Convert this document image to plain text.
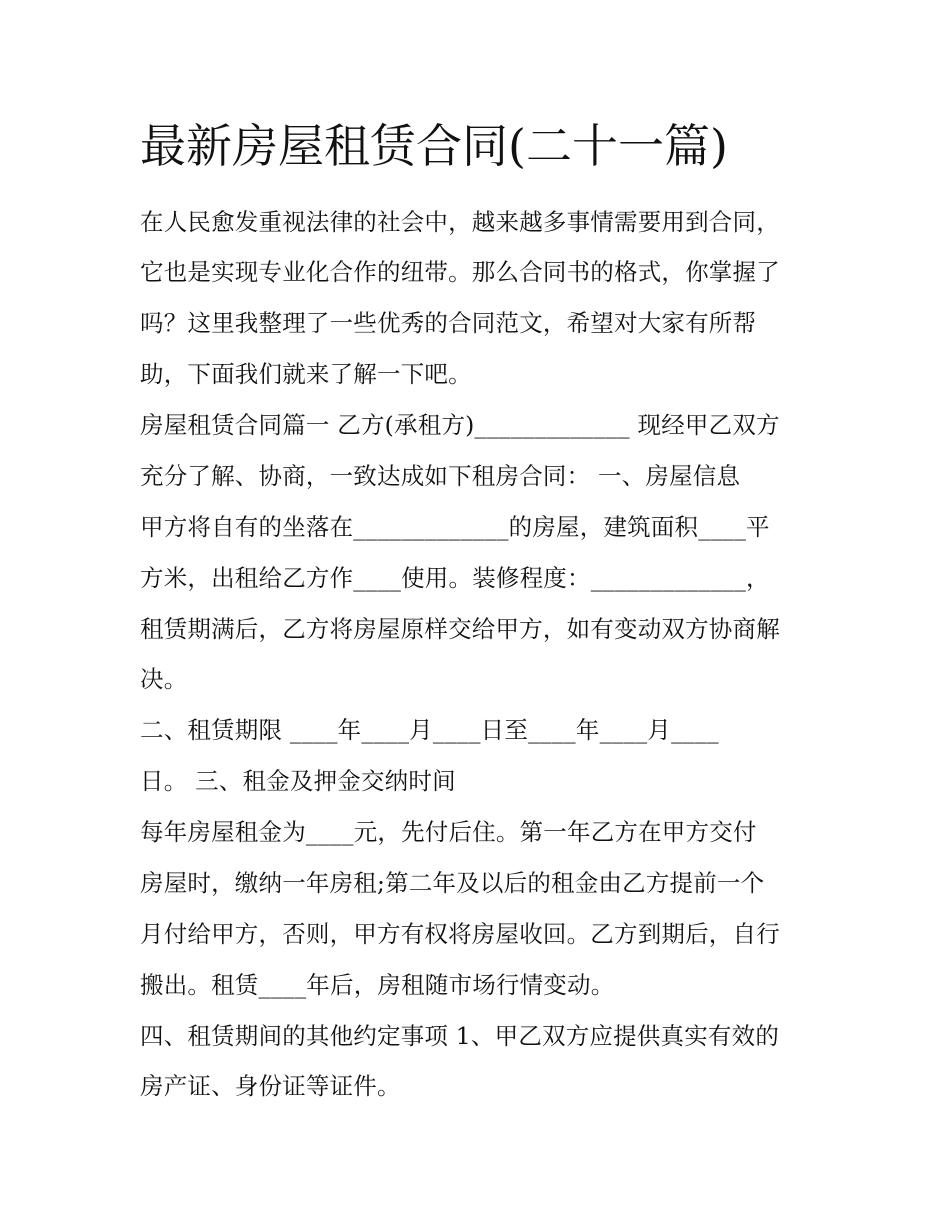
最新房屋租赁合同(二十一篇)

在人民愈发重视法律的社会中，越来越多事情需要用到合同，

它也是实现专业化合作的纽带。那么合同书的格式，你掌握了

吗？这里我整理了一些优秀的合同范文，希望对大家有所帮

助，下面我们就来了解一下吧。

房屋租赁合同篇一 乙方(承租方)_____________ 现经甲乙双方

充分了解、协商，一致达成如下租房合同： 一、房屋信息

甲方将自有的坐落在_____________的房屋，建筑面积____平

方米，出租给乙方作____使用。装修程度：_____________，

租赁期满后，乙方将房屋原样交给甲方，如有变动双方协商解

决。

二、租赁期限 ____年____月____日至____年____月____

日。 三、租金及押金交纳时间

每年房屋租金为____元，先付后住。第一年乙方在甲方交付

房屋时，缴纳一年房租;第二年及以后的租金由乙方提前一个

月付给甲方，否则，甲方有权将房屋收回。乙方到期后，自行

搬出。租赁____年后，房租随市场行情变动。

四、租赁期间的其他约定事项 1、甲乙双方应提供真实有效的

房产证、身份证等证件。
